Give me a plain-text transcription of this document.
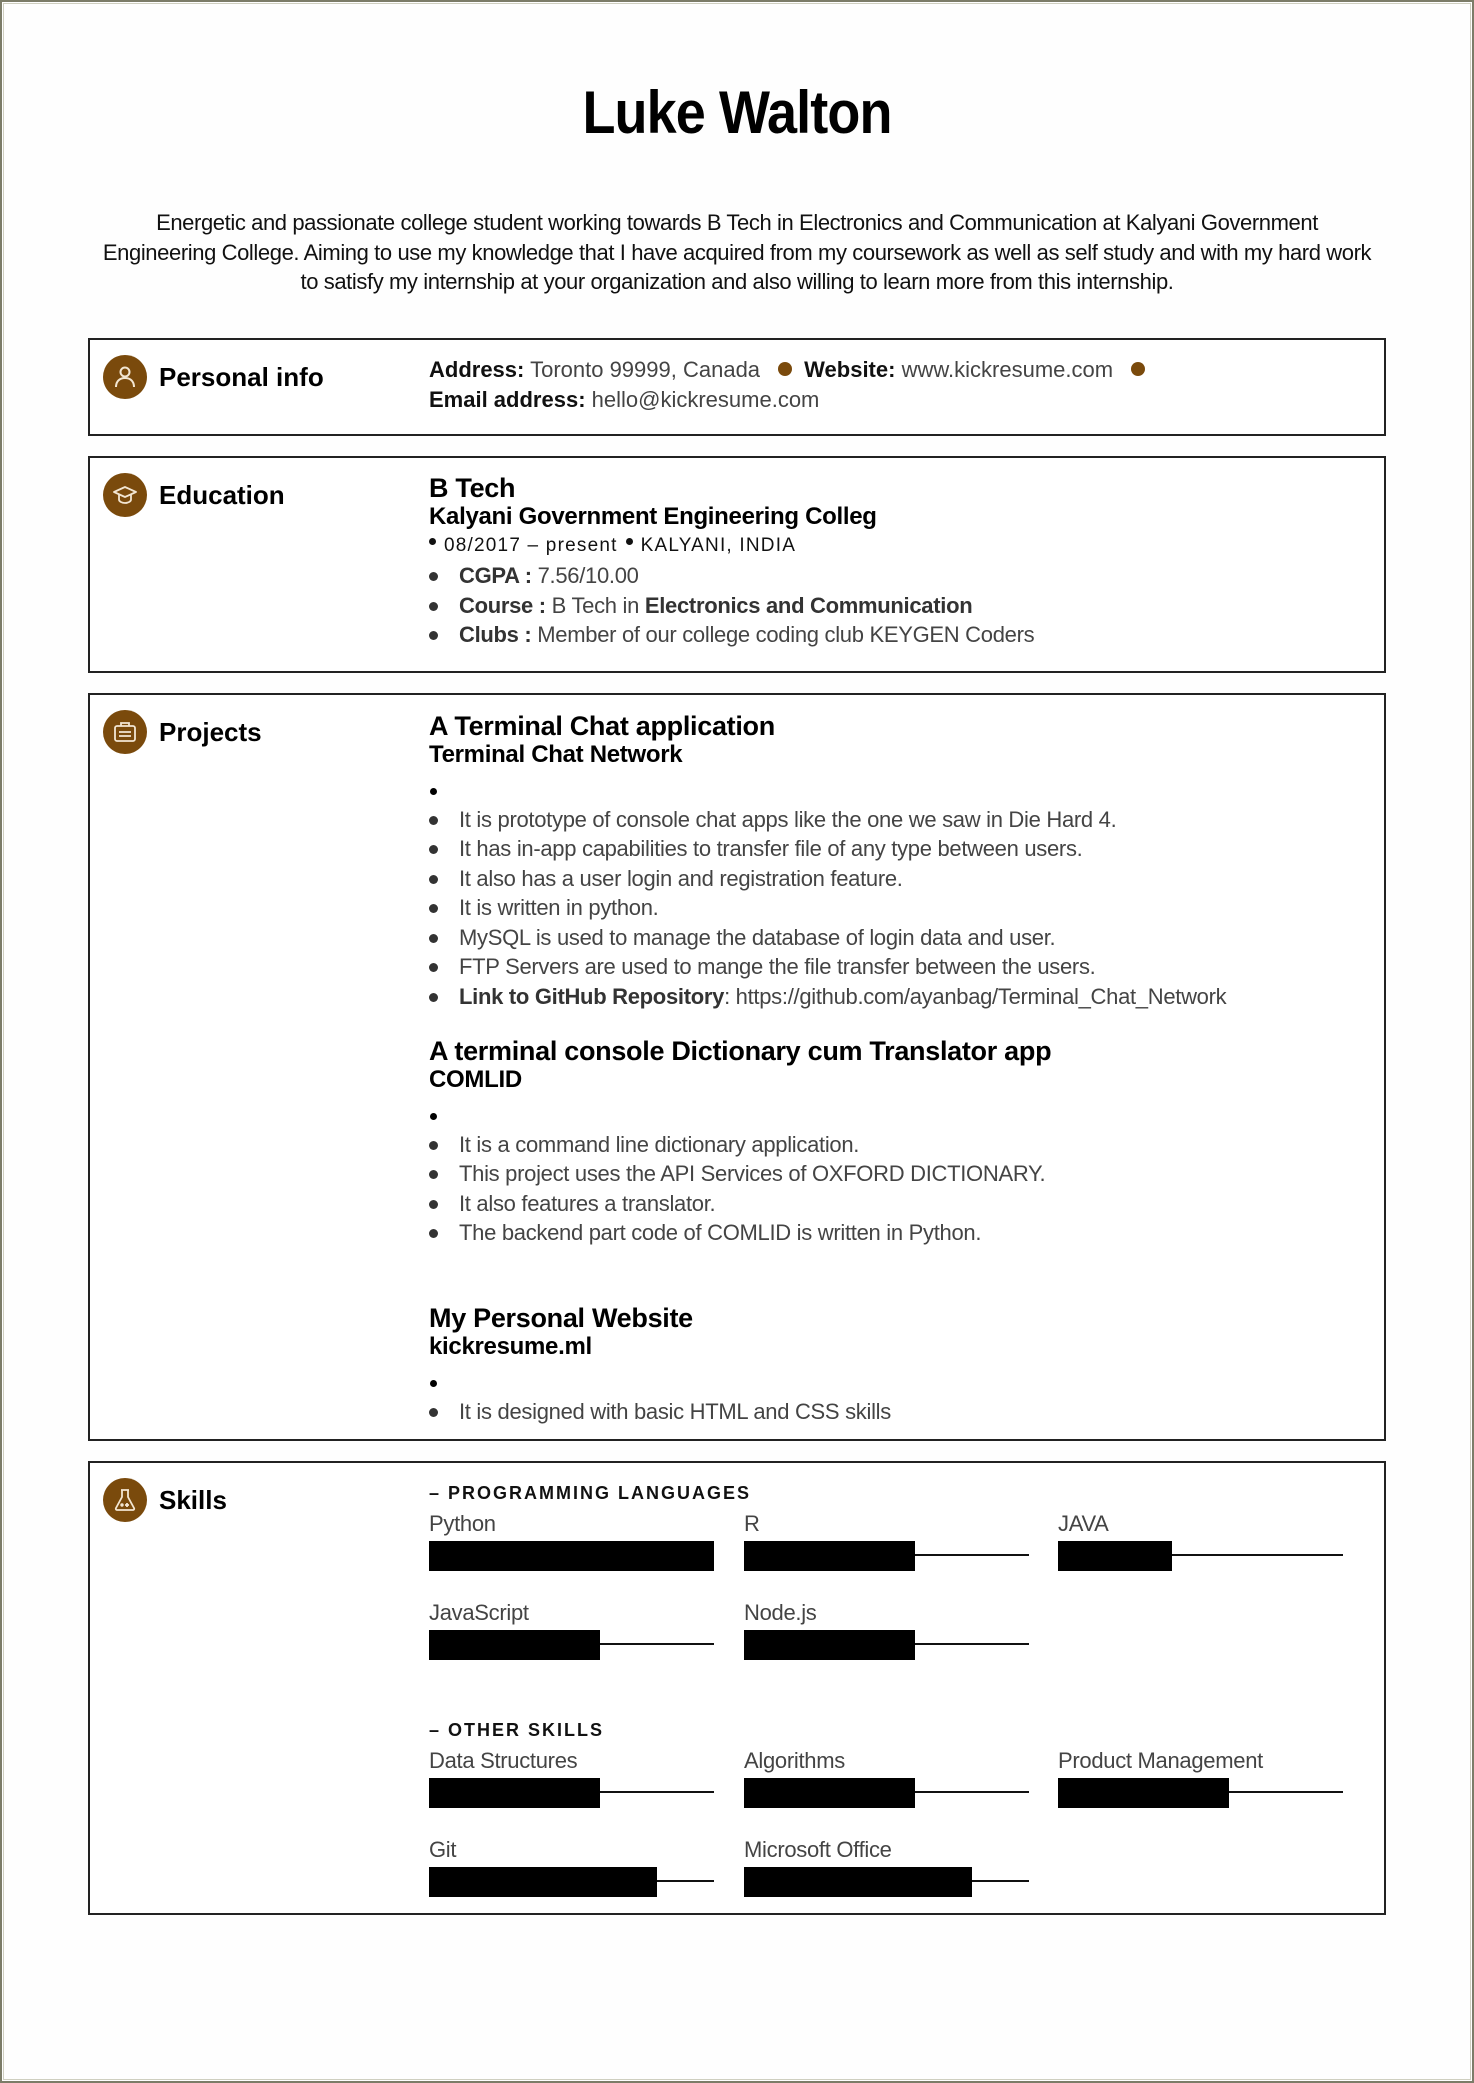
Luke Walton
Energetic and passionate college student working towards B Tech in Electronics and Communication at Kalyani Government Engineering College. Aiming to use my knowledge that I have acquired from my coursework as well as self study and with my hard work to satisfy my internship at your organization and also willing to learn more from this internship.
Personal info	Address: Toronto 99999, Canada Website: www.kickresume.com
Email address: hello@kickresume.com
Education	B Tech
Kalyani Government Engineering Colleg
08/2017 – present KALYANI, INDIA
CGPA : 7.56/10.00
Course : B Tech in Electronics and Communication
Clubs : Member of our college coding club KEYGEN Coders
Projects	A Terminal Chat application
Terminal Chat Network
It is prototype of console chat apps like the one we saw in Die Hard 4.
It has in-app capabilities to transfer file of any type between users.
It also has a user login and registration feature.
It is written in python.
MySQL is used to manage the database of login data and user.
FTP Servers are used to mange the file transfer between the users.
Link to GitHub Repository: https://github.com/ayanbag/Terminal_Chat_Network
A terminal console Dictionary cum Translator app
COMLID
It is a command line dictionary application.
This project uses the API Services of OXFORD DICTIONARY.
It also features a translator.
The backend part code of COMLID is written in Python.
My Personal Website
kickresume.ml
It is designed with basic HTML and CSS skills
Skills	– PROGRAMMING LANGUAGES
Python	R	JAVA
JavaScript	Node.js
– OTHER SKILLS
Data Structures	Algorithms	Product Management
Git	Microsoft Office
